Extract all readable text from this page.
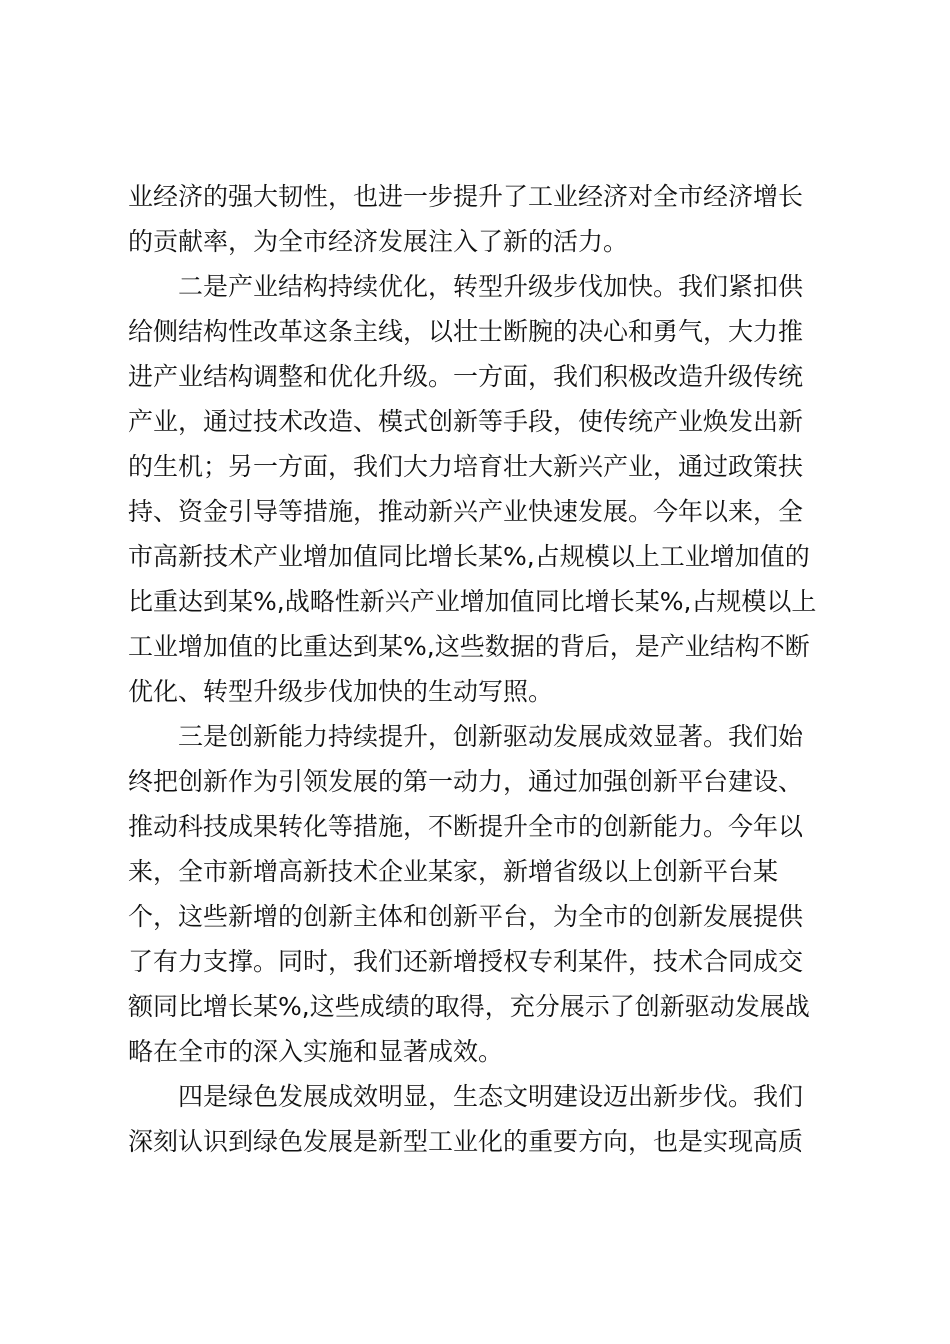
业经济的强大韧性，也进一步提升了工业经济对全市经济增长
的贡献率，为全市经济发展注入了新的活力。
二是产业结构持续优化，转型升级步伐加快。我们紧扣供
给侧结构性改革这条主线，以壮士断腕的决心和勇气，大力推
进产业结构调整和优化升级。一方面，我们积极改造升级传统
产业，通过技术改造、模式创新等手段，使传统产业焕发出新
的生机；另一方面，我们大力培育壮大新兴产业，通过政策扶
持、资金引导等措施，推动新兴产业快速发展。今年以来，全
市高新技术产业增加值同比增长某%,占规模以上工业增加值的
比重达到某%,战略性新兴产业增加值同比增长某%,占规模以上
工业增加值的比重达到某%,这些数据的背后，是产业结构不断
优化、转型升级步伐加快的生动写照。
三是创新能力持续提升，创新驱动发展成效显著。我们始
终把创新作为引领发展的第一动力，通过加强创新平台建设、
推动科技成果转化等措施，不断提升全市的创新能力。今年以
来，全市新增高新技术企业某家，新增省级以上创新平台某
个，这些新增的创新主体和创新平台，为全市的创新发展提供
了有力支撑。同时，我们还新增授权专利某件，技术合同成交
额同比增长某%,这些成绩的取得，充分展示了创新驱动发展战
略在全市的深入实施和显著成效。
四是绿色发展成效明显，生态文明建设迈出新步伐。我们
深刻认识到绿色发展是新型工业化的重要方向，也是实现高质
